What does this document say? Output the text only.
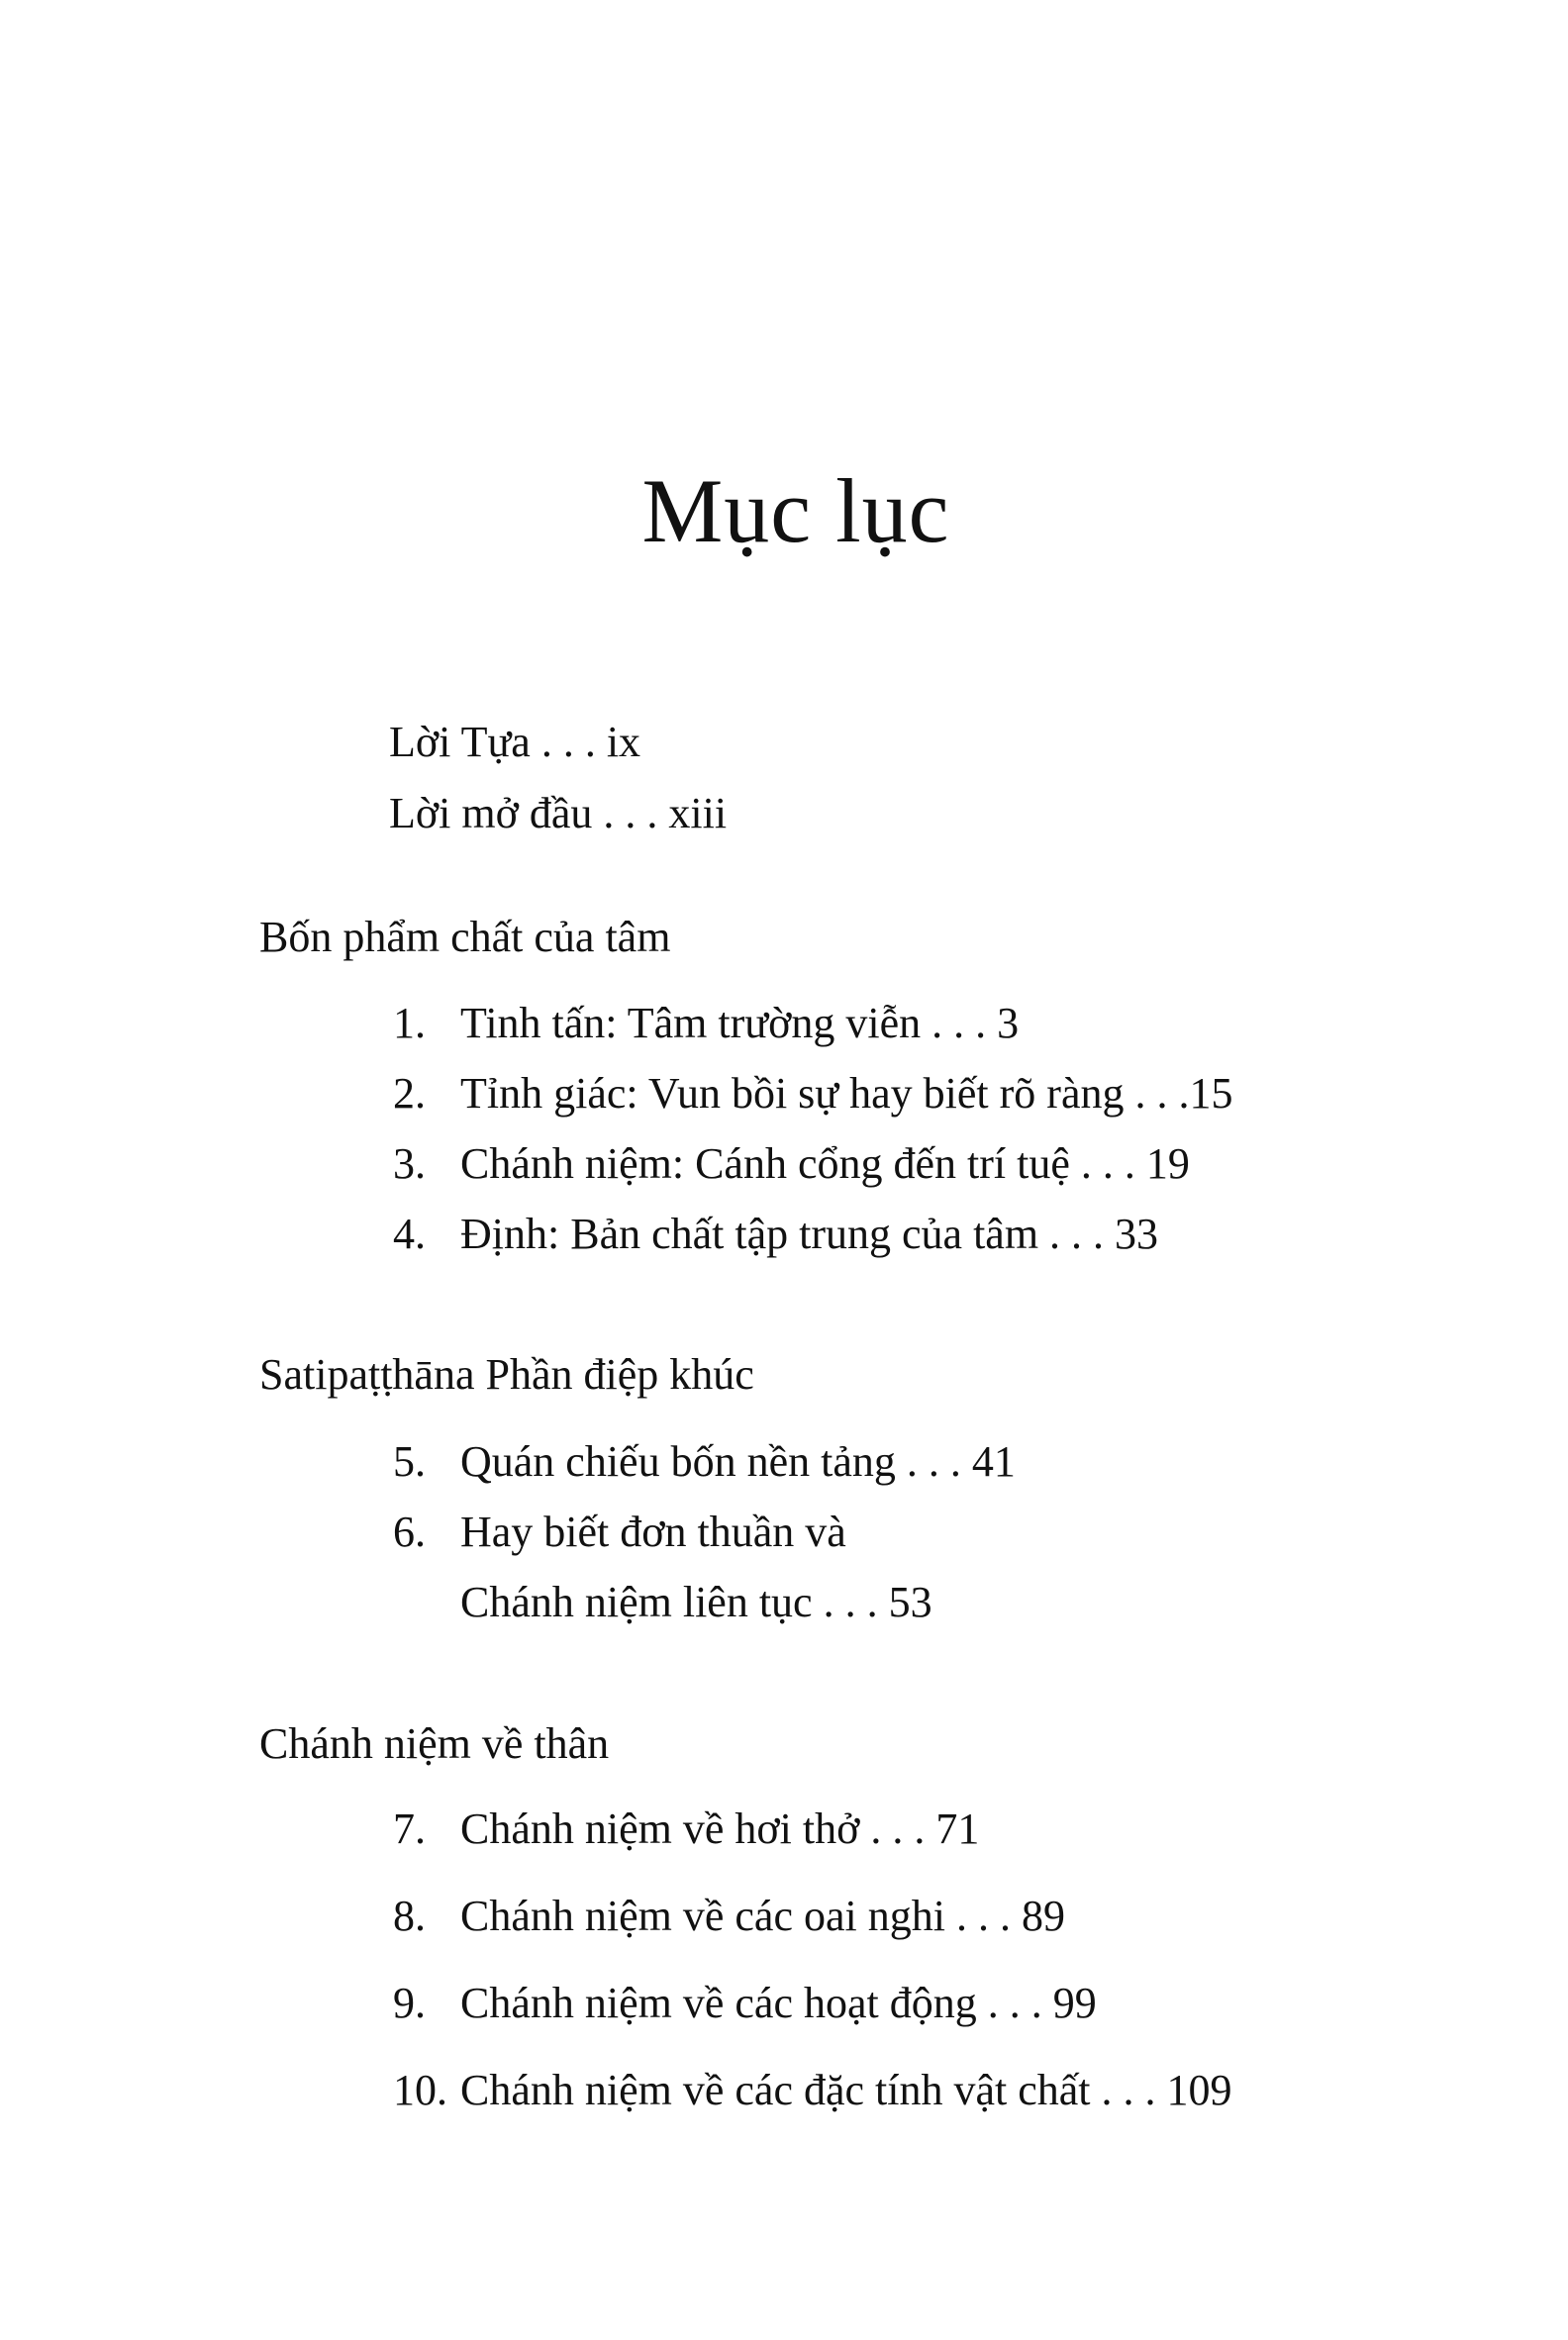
Mục lục
Lời Tựa . . . ix
Lời mở đầu . . . xiii
Bốn phẩm chất của tâm
1. Tinh tấn: Tâm trường viễn . . . 3
2. Tỉnh giác: Vun bồi sự hay biết rõ ràng . . .15
3. Chánh niệm: Cánh cổng đến trí tuệ . . . 19
4. Định: Bản chất tập trung của tâm . . . 33
Satipaṭṭhāna Phần điệp khúc
5. Quán chiếu bốn nền tảng . . . 41
6. Hay biết đơn thuần và
Chánh niệm liên tục . . . 53
Chánh niệm về thân
7. Chánh niệm về hơi thở . . . 71
8. Chánh niệm về các oai nghi . . . 89
9. Chánh niệm về các hoạt động . . . 99
10. Chánh niệm về các đặc tính vật chất . . . 109
